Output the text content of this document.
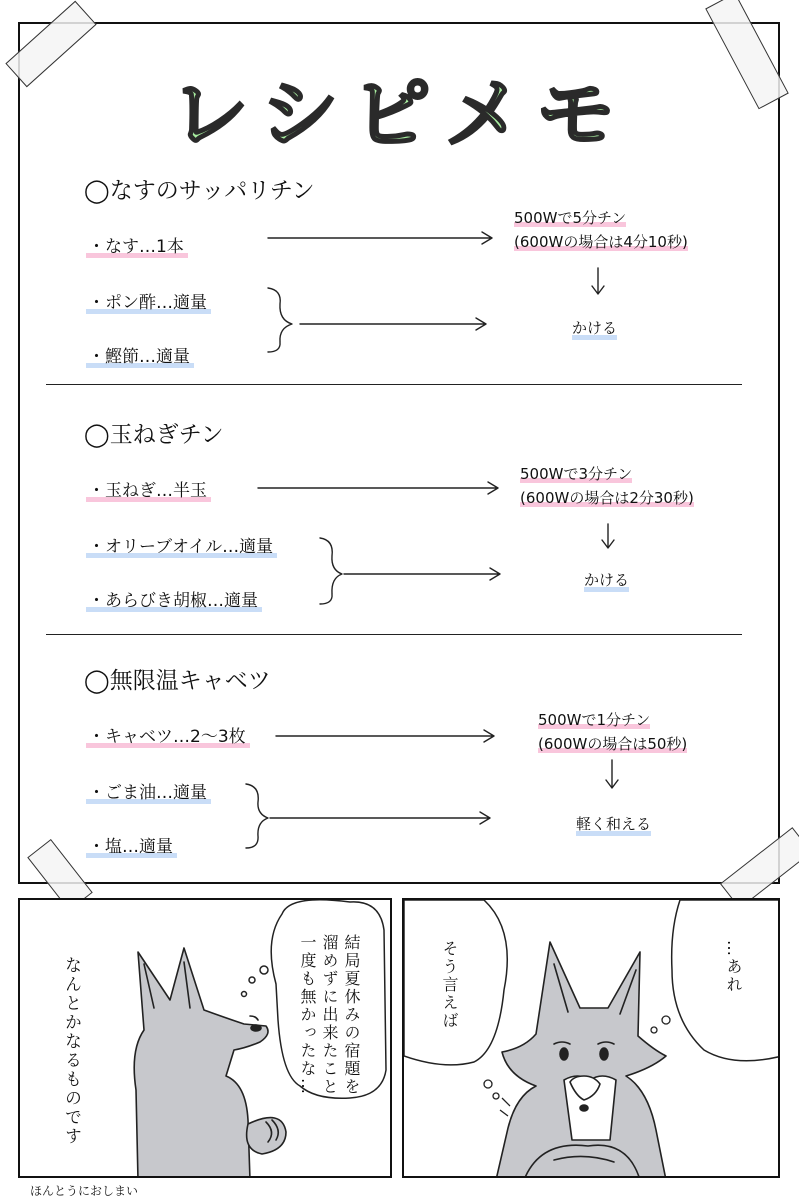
レシピメモ
◯なすのサッパリチン
・なす…1本
・ポン酢…適量
・鰹節…適量
500Wで5分チン
(600Wの場合は4分10秒)
かける
◯玉ねぎチン
・玉ねぎ…半玉
・オリーブオイル…適量
・あらびき胡椒…適量
500Wで3分チン
(600Wの場合は2分30秒)
かける
◯無限温キャベツ
・キャベツ…2～3枚
・ごま油…適量
・塩…適量
500Wで1分チン
(600Wの場合は50秒)
軽く和える
結局夏休みの宿題を
溜めずに出来たこと
一度も無かったな…
なんとかなるものです	そう言えば	…あれ
ほんとうにおしまい
